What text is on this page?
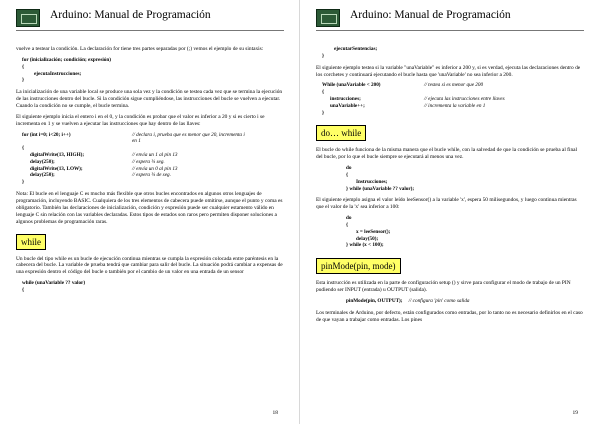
Arduino: Manual de Programación
vuelve a testear la condición. La declaración for tiene tres partes separadas por (;) vemos el ejemplo de su sintaxis:
for (inicialización; condición; expresión)
{
ejecutaInstrucciones;
}
La inicialización de una variable local se produce una sola vez y la condición se testea cada vez que se termina la ejecución de las instrucciones dentro del bucle. Si la condición sigue cumpliéndose, las instrucciones del bucle se vuelven a ejecutar. Cuando la condición no se cumple, el bucle termina.
El siguiente ejemplo inicia el entero i en el 0, y la condición es probar que el valor es inferior a 20 y si es cierto i se incrementa en 1 y se vuelven a ejecutar las instrucciones que hay dentro de las llaves:
for (int i=0; i<20; i++)	// declara i, prueba que es menor que 20, incrementa i en 1
{
digitalWrite(13, HIGH);	// envía un 1 al pin 13
delay(250);	// espera ¼ seg.
digitalWrite(13, LOW);	// envía un 0 al pin 13
delay(250);	// espera ¼ de seg.
}
Nota: El bucle en el lenguaje C es mucho más flexible que otros bucles encontrados en algunos otros lenguajes de programación, incluyendo BASIC. Cualquiera de los tres elementos de cabecera puede omitirse, aunque el punto y coma es obligatorio. También las declaraciones de inicialización, condición y expresión puede ser cualquier estamento válido en lenguaje C sin relación con las variables declaradas. Estos tipos de estados son raros pero permiten disponer soluciones a algunos problemas de programación raras.
while
Un bucle del tipo while es un bucle de ejecución continua mientras se cumpla la expresión colocada entre paréntesis en la cabecera del bucle. La variable de prueba tendrá que cambiar para salir del bucle. La situación podrá cambiar a expensas de una expresión dentro el código del bucle o también por el cambio de un valor en una entrada de un sensor
while (unaVariable ?? valor)
{
18
Arduino: Manual de Programación
ejecutarSentencias;
}
El siguiente ejemplo testea si la variable "unaVariable" es inferior a 200 y, si es verdad, ejecuta las declaraciones dentro de los corchetes y continuará ejecutando el bucle hasta que 'unaVariable' no sea inferior a 200.
While (unaVariable < 200)	// testea si es menor que 200
{
instrucciones;	// ejecuta las instrucciones entre llaves
unaVariable++;	// incrementa la variable en 1
}
do… while
El bucle do while funciona de la misma manera que el bucle while, con la salvedad de que la condición se prueba al final del bucle, por lo que el bucle siempre se ejecutará al menos una vez.
do
{
Instrucciones;
} while (unaVariable ?? valor);
El siguiente ejemplo asigna el valor leído leeSensor() a la variable 'x', espera 50 milisegundos, y luego continua mientras que el valor de la 'x' sea inferior a 100:
do
{
x = leeSensor();
delay(50);
} while (x < 100);
pinMode(pin, mode)
Esta instrucción es utilizada en la parte de configuración setup () y sirve para configurar el modo de trabajo de un PIN pudiendo ser INPUT (entrada) u OUTPUT (salida).
pinMode(pin, OUTPUT); // configura 'pin' como salida
Los terminales de Arduino, por defecto, están configurados como entradas, por lo tanto no es necesario definirlos en el caso de que vayan a trabajar como entradas. Los pines
19
